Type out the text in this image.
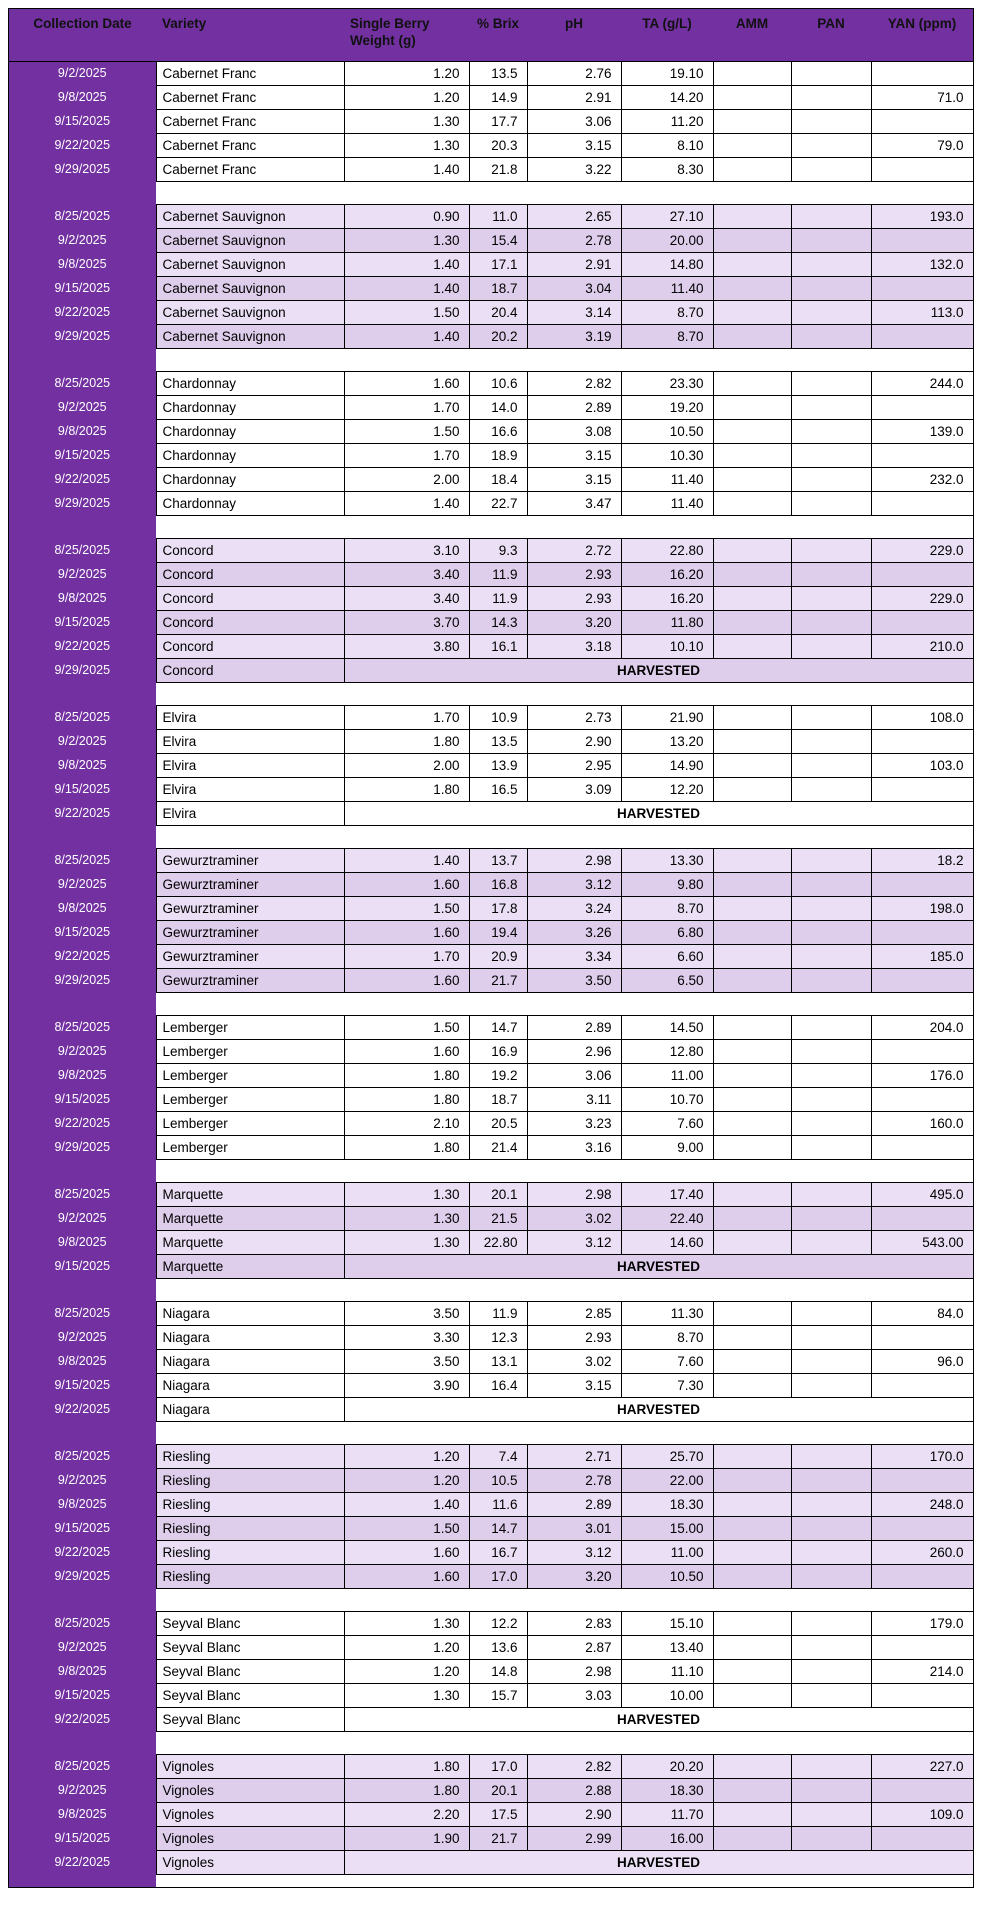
Collection Date	Variety	Single Berry
Weight (g)	% Brix	pH	TA (g/L)	AMM	PAN	YAN (ppm)
9/2/2025	Cabernet Franc	1.20	13.5	2.76	19.10			
9/8/2025	Cabernet Franc	1.20	14.9	2.91	14.20			71.0
9/15/2025	Cabernet Franc	1.30	17.7	3.06	11.20			
9/22/2025	Cabernet Franc	1.30	20.3	3.15	8.10			79.0
9/29/2025	Cabernet Franc	1.40	21.8	3.22	8.30			

8/25/2025	Cabernet Sauvignon	0.90	11.0	2.65	27.10			193.0
9/2/2025	Cabernet Sauvignon	1.30	15.4	2.78	20.00			
9/8/2025	Cabernet Sauvignon	1.40	17.1	2.91	14.80			132.0
9/15/2025	Cabernet Sauvignon	1.40	18.7	3.04	11.40			
9/22/2025	Cabernet Sauvignon	1.50	20.4	3.14	8.70			113.0
9/29/2025	Cabernet Sauvignon	1.40	20.2	3.19	8.70			

8/25/2025	Chardonnay	1.60	10.6	2.82	23.30			244.0
9/2/2025	Chardonnay	1.70	14.0	2.89	19.20			
9/8/2025	Chardonnay	1.50	16.6	3.08	10.50			139.0
9/15/2025	Chardonnay	1.70	18.9	3.15	10.30			
9/22/2025	Chardonnay	2.00	18.4	3.15	11.40			232.0
9/29/2025	Chardonnay	1.40	22.7	3.47	11.40			

8/25/2025	Concord	3.10	9.3	2.72	22.80			229.0
9/2/2025	Concord	3.40	11.9	2.93	16.20			
9/8/2025	Concord	3.40	11.9	2.93	16.20			229.0
9/15/2025	Concord	3.70	14.3	3.20	11.80			
9/22/2025	Concord	3.80	16.1	3.18	10.10			210.0
9/29/2025	Concord	HARVESTED						

8/25/2025	Elvira	1.70	10.9	2.73	21.90			108.0
9/2/2025	Elvira	1.80	13.5	2.90	13.20			
9/8/2025	Elvira	2.00	13.9	2.95	14.90			103.0
9/15/2025	Elvira	1.80	16.5	3.09	12.20			
9/22/2025	Elvira	HARVESTED						

8/25/2025	Gewurztraminer	1.40	13.7	2.98	13.30			18.2
9/2/2025	Gewurztraminer	1.60	16.8	3.12	9.80			
9/8/2025	Gewurztraminer	1.50	17.8	3.24	8.70			198.0
9/15/2025	Gewurztraminer	1.60	19.4	3.26	6.80			
9/22/2025	Gewurztraminer	1.70	20.9	3.34	6.60			185.0
9/29/2025	Gewurztraminer	1.60	21.7	3.50	6.50			

8/25/2025	Lemberger	1.50	14.7	2.89	14.50			204.0
9/2/2025	Lemberger	1.60	16.9	2.96	12.80			
9/8/2025	Lemberger	1.80	19.2	3.06	11.00			176.0
9/15/2025	Lemberger	1.80	18.7	3.11	10.70			
9/22/2025	Lemberger	2.10	20.5	3.23	7.60			160.0
9/29/2025	Lemberger	1.80	21.4	3.16	9.00			

8/25/2025	Marquette	1.30	20.1	2.98	17.40			495.0
9/2/2025	Marquette	1.30	21.5	3.02	22.40			
9/8/2025	Marquette	1.30	22.80	3.12	14.60			543.00
9/15/2025	Marquette	HARVESTED						

8/25/2025	Niagara	3.50	11.9	2.85	11.30			84.0
9/2/2025	Niagara	3.30	12.3	2.93	8.70			
9/8/2025	Niagara	3.50	13.1	3.02	7.60			96.0
9/15/2025	Niagara	3.90	16.4	3.15	7.30			
9/22/2025	Niagara	HARVESTED						

8/25/2025	Riesling	1.20	7.4	2.71	25.70			170.0
9/2/2025	Riesling	1.20	10.5	2.78	22.00			
9/8/2025	Riesling	1.40	11.6	2.89	18.30			248.0
9/15/2025	Riesling	1.50	14.7	3.01	15.00			
9/22/2025	Riesling	1.60	16.7	3.12	11.00			260.0
9/29/2025	Riesling	1.60	17.0	3.20	10.50			

8/25/2025	Seyval Blanc	1.30	12.2	2.83	15.10			179.0
9/2/2025	Seyval Blanc	1.20	13.6	2.87	13.40			
9/8/2025	Seyval Blanc	1.20	14.8	2.98	11.10			214.0
9/15/2025	Seyval Blanc	1.30	15.7	3.03	10.00			
9/22/2025	Seyval Blanc	HARVESTED						

8/25/2025	Vignoles	1.80	17.0	2.82	20.20			227.0
9/2/2025	Vignoles	1.80	20.1	2.88	18.30			
9/8/2025	Vignoles	2.20	17.5	2.90	11.70			109.0
9/15/2025	Vignoles	1.90	21.7	2.99	16.00			
9/22/2025	Vignoles	HARVESTED						
